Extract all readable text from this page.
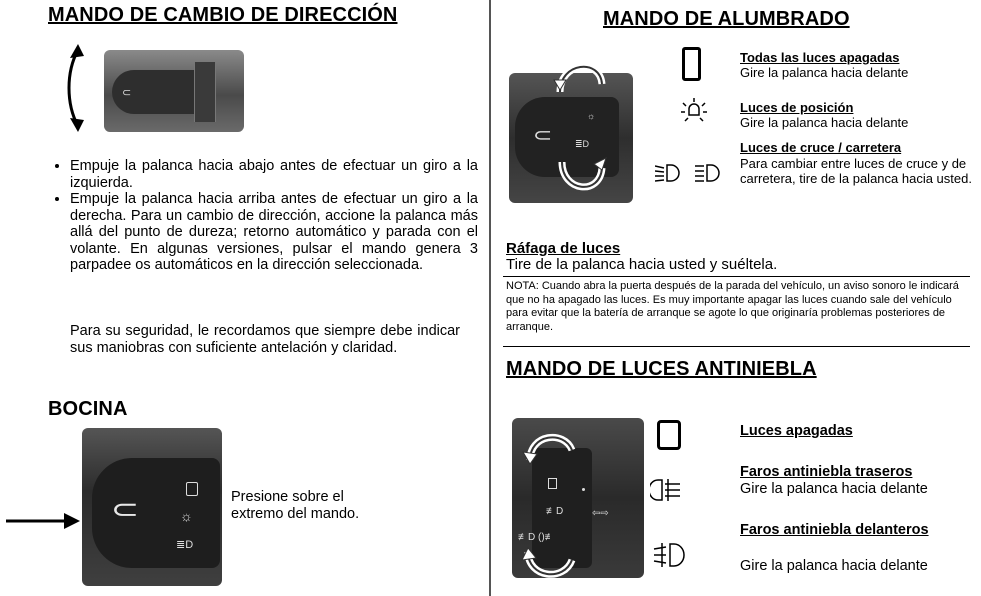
MANDO DE CAMBIO DE DIRECCIÓN
⊂
• Empuje la palanca hacia abajo antes de efectuar un giro a la izquierda.
• Empuje la palanca hacia arriba antes de efectuar un giro a la derecha. Para un cambio de dirección, accione la palanca más allá del punto de dureza; retorno automático y parada con el volante. En algunas versiones, pulsar el mando genera 3 parpadee os automáticos en la dirección seleccionada.
Para su seguridad, le recordamos que siempre debe indicar sus maniobras con suficiente antelación y claridad.
BOCINA
⊂	☼
≣D
Presione sobre el extremo del mando.
MANDO DE ALUMBRADO
⊂
☼
≣D
Todas las luces apagadas
Gire la palanca hacia delante
Luces de posición
Gire la palanca hacia delante
Luces de cruce / carretera
Para cambiar entre luces de cruce y de carretera, tire de la palanca hacia usted.
Ráfaga de luces
Tire de la palanca hacia usted y suéltela.
NOTA: Cuando abra la puerta después de la parada del vehículo, un aviso sonoro le indicará que no ha apagado las luces. Es muy importante apagar las luces cuando sale del vehículo para evitar que la batería de arranque se agote lo que originaría problemas posteriores de arranque.
MANDO DE LUCES ANTINIEBLA
≢D	⇦⇨
≢D ()≢
Luces apagadas
Faros antiniebla traseros
Gire la palanca hacia delante
Faros antiniebla delanteros
Gire la palanca hacia delante
